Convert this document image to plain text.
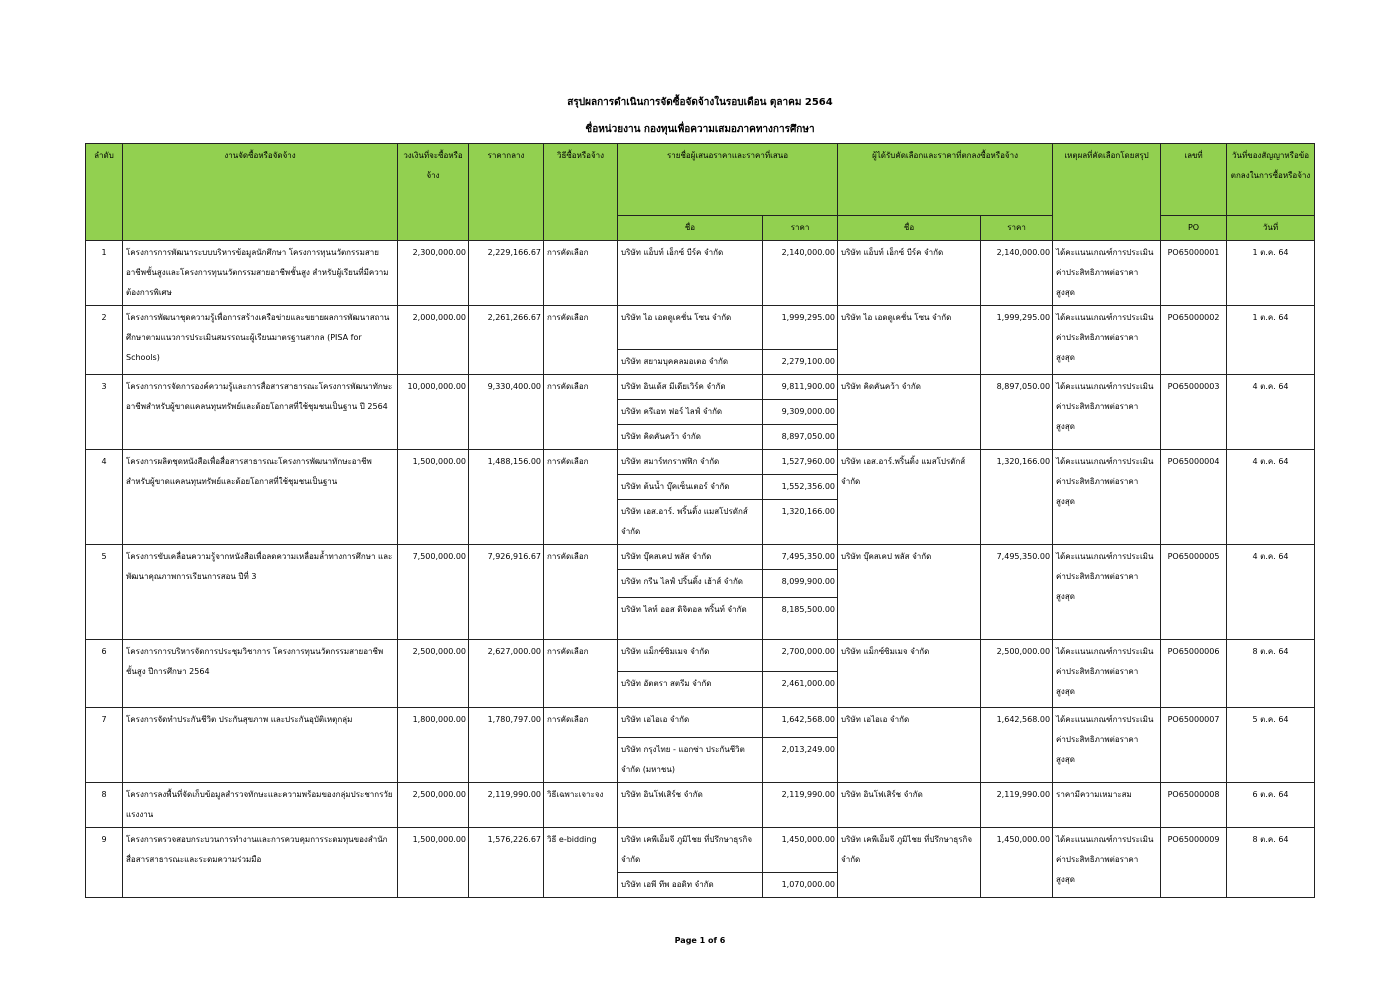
สรุปผลการดำเนินการจัดซื้อจัดจ้างในรอบเดือน ตุลาคม 2564
ชื่อหน่วยงาน กองทุนเพื่อความเสมอภาคทางการศึกษา
ลำดับ	งานจัดซื้อหรือจัดจ้าง	วงเงินที่จะซื้อหรือจ้าง	ราคากลาง	วิธีซื้อหรือจ้าง	รายชื่อผู้เสนอราคาและราคาที่เสนอ		ผู้ได้รับคัดเลือกและราคาที่ตกลงซื้อหรือจ้าง		เหตุผลที่คัดเลือกโดยสรุป	เลขที่	วันที่ของสัญญาหรือข้อตกลงในการซื้อหรือจ้าง
					ชื่อ	ราคา	ชื่อ	ราคา		PO	วันที่
1	โครงการการพัฒนาระบบบริหารข้อมูลนักศึกษา โครงการทุนนวัตกรรมสายอาชีพชั้นสูงและโครงการทุนนวัตกรรมสายอาชีพชั้นสูง สำหรับผู้เรียนที่มีความต้องการพิเศษ	2,300,000.00	2,229,166.67	การคัดเลือก	บริษัท แอ็บท์ เอ็กซ์ บีร์ค จำกัด	2,140,000.00	บริษัท แอ็บท์ เอ็กซ์ บีร์ค จำกัด	2,140,000.00	ได้คะแนนเกณฑ์การประเมินค่าประสิทธิภาพต่อราคาสูงสุด	PO65000001	1 ต.ค. 64
2	โครงการพัฒนาชุดความรู้เพื่อการสร้างเครือข่ายและขยายผลการพัฒนาสถานศึกษาตามแนวการประเมินสมรรถนะผู้เรียนมาตรฐานสากล (PISA for Schools)	2,000,000.00	2,261,266.67	การคัดเลือก	บริษัท ไอ เอดดูเคชั่น โซน จำกัด	1,999,295.00	บริษัท ไอ เอดดูเคชั่น โซน จำกัด	1,999,295.00	ได้คะแนนเกณฑ์การประเมินค่าประสิทธิภาพต่อราคาสูงสุด	PO65000002	1 ต.ค. 64
					บริษัท สยามบุคคลมอเตอ จำกัด	2,279,100.00					
3	โครงการการจัดการองค์ความรู้และการสื่อสารสาธารณะโครงการพัฒนาทักษะอาชีพสำหรับผู้ขาดแคลนทุนทรัพย์และด้อยโอกาสที่ใช้ชุมชนเป็นฐาน ปี 2564	10,000,000.00	9,330,400.00	การคัดเลือก	บริษัท อินเด้ส มีเดียเวิร์ค จำกัด	9,811,900.00	บริษัท คิดคันคว้า จำกัด	8,897,050.00	ได้คะแนนเกณฑ์การประเมินค่าประสิทธิภาพต่อราคาสูงสุด	PO65000003	4 ต.ค. 64
					บริษัท ครีเอท ฟอร์ ไลฟ์ จำกัด	9,309,000.00					
					บริษัท คิดคันคว้า จำกัด	8,897,050.00					
4	โครงการผลิตชุดหนังสือเพื่อสื่อสารสาธารณะโครงการพัฒนาทักษะอาชีพสำหรับผู้ขาดแคลนทุนทรัพย์และด้อยโอกาสที่ใช้ชุมชนเป็นฐาน	1,500,000.00	1,488,156.00	การคัดเลือก	บริษัท สมาร์ทกราฟฟิก จำกัด	1,527,960.00	บริษัท เอส.อาร์.พริ้นติ้ง แมสโปรดักส์ จำกัด	1,320,166.00	ได้คะแนนเกณฑ์การประเมินค่าประสิทธิภาพต่อราคาสูงสุด	PO65000004	4 ต.ค. 64
					บริษัท ต้นน้ำ บุ๊คเซ็นเตอร์ จำกัด	1,552,356.00					
					บริษัท เอส.อาร์. พริ้นติ้ง แมสโปรดักส์ จำกัด	1,320,166.00					
5	โครงการขับเคลื่อนความรู้จากหนังสือเพื่อลดความเหลื่อมล้ำทางการศึกษา และพัฒนาคุณภาพการเรียนการสอน ปีที่ 3	7,500,000.00	7,926,916.67	การคัดเลือก	บริษัท บุ๊คสเคป พลัส จำกัด	7,495,350.00	บริษัท บุ๊คสเคป พลัส จำกัด	7,495,350.00	ได้คะแนนเกณฑ์การประเมินค่าประสิทธิภาพต่อราคาสูงสุด	PO65000005	4 ต.ค. 64
					บริษัท กรีน ไลฟ์ ปริ้นติ้ง เฮ้าส์ จำกัด	8,099,900.00					
					บริษัท ไลท์ ออส ดิจิตอล พริ้นท์ จำกัด	8,185,500.00					
6	โครงการการบริหารจัดการประชุมวิชาการ โครงการทุนนวัตกรรมสายอาชีพชั้นสูง ปีการศึกษา 2564	2,500,000.00	2,627,000.00	การคัดเลือก	บริษัท แม็กซ์ซิมเมจ จำกัด	2,700,000.00	บริษัท แม็กซ์ซิมเมจ จำกัด	2,500,000.00	ได้คะแนนเกณฑ์การประเมินค่าประสิทธิภาพต่อราคาสูงสุด	PO65000006	8 ต.ค. 64
					บริษัท อัตตรา สตรีม จำกัด	2,461,000.00					
7	โครงการจัดทำประกันชีวิต ประกันสุขภาพ และประกันอุบัติเหตุกลุ่ม	1,800,000.00	1,780,797.00	การคัดเลือก	บริษัท เอไอเอ จำกัด	1,642,568.00	บริษัท เอไอเอ จำกัด	1,642,568.00	ได้คะแนนเกณฑ์การประเมินค่าประสิทธิภาพต่อราคาสูงสุด	PO65000007	5 ต.ค. 64
					บริษัท กรุงไทย - แอกซ่า ประกันชีวิต จำกัด (มหาชน)	2,013,249.00					
8	โครงการลงพื้นที่จัดเก็บข้อมูลสำรวจทักษะและความพร้อมของกลุ่มประชากรวัยแรงงาน	2,500,000.00	2,119,990.00	วิธีเฉพาะเจาะจง	บริษัท อินโฟเสิร์ช จำกัด	2,119,990.00	บริษัท อินโฟเสิร์ช จำกัด	2,119,990.00	ราคามีความเหมาะสม	PO65000008	6 ต.ค. 64
9	โครงการตรวจสอบกระบวนการทำงานและการควบคุมการระดมทุนของสำนักสื่อสารสาธารณะและระดมความร่วมมือ	1,500,000.00	1,576,226.67	วิธี e-bidding	บริษัท เคพีเอ็มจี ภูมิไชย ที่ปรึกษาธุรกิจ จำกัด	1,450,000.00	บริษัท เคพีเอ็มจี ภูมิไชย ที่ปรึกษาธุรกิจ จำกัด	1,450,000.00	ได้คะแนนเกณฑ์การประเมินค่าประสิทธิภาพต่อราคาสูงสุด	PO65000009	8 ต.ค. 64
					บริษัท เอพี ทีพ ออดิท จำกัด	1,070,000.00					
Page 1 of 6
